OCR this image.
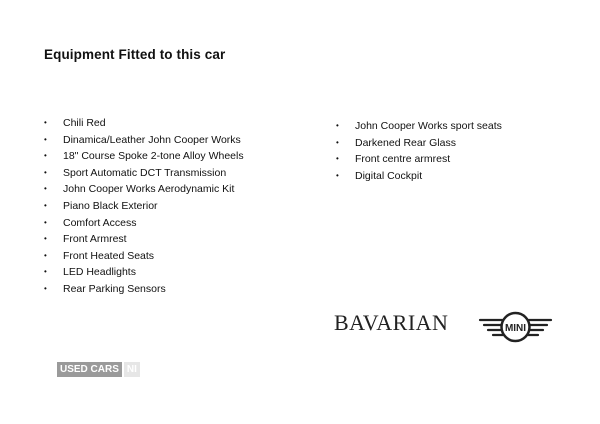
Equipment Fitted to this car
• Chili Red
• Dinamica/Leather John Cooper Works
• 18" Course Spoke 2-tone Alloy Wheels
• Sport Automatic DCT Transmission
• John Cooper Works Aerodynamic Kit
• Piano Black Exterior
• Comfort Access
• Front Armrest
• Front Heated Seats
• LED Headlights
• Rear Parking Sensors
• John Cooper Works sport seats
• Darkened Rear Glass
• Front centre armrest
• Digital Cockpit
BAVARIAN	MINI
USED CARS NI
